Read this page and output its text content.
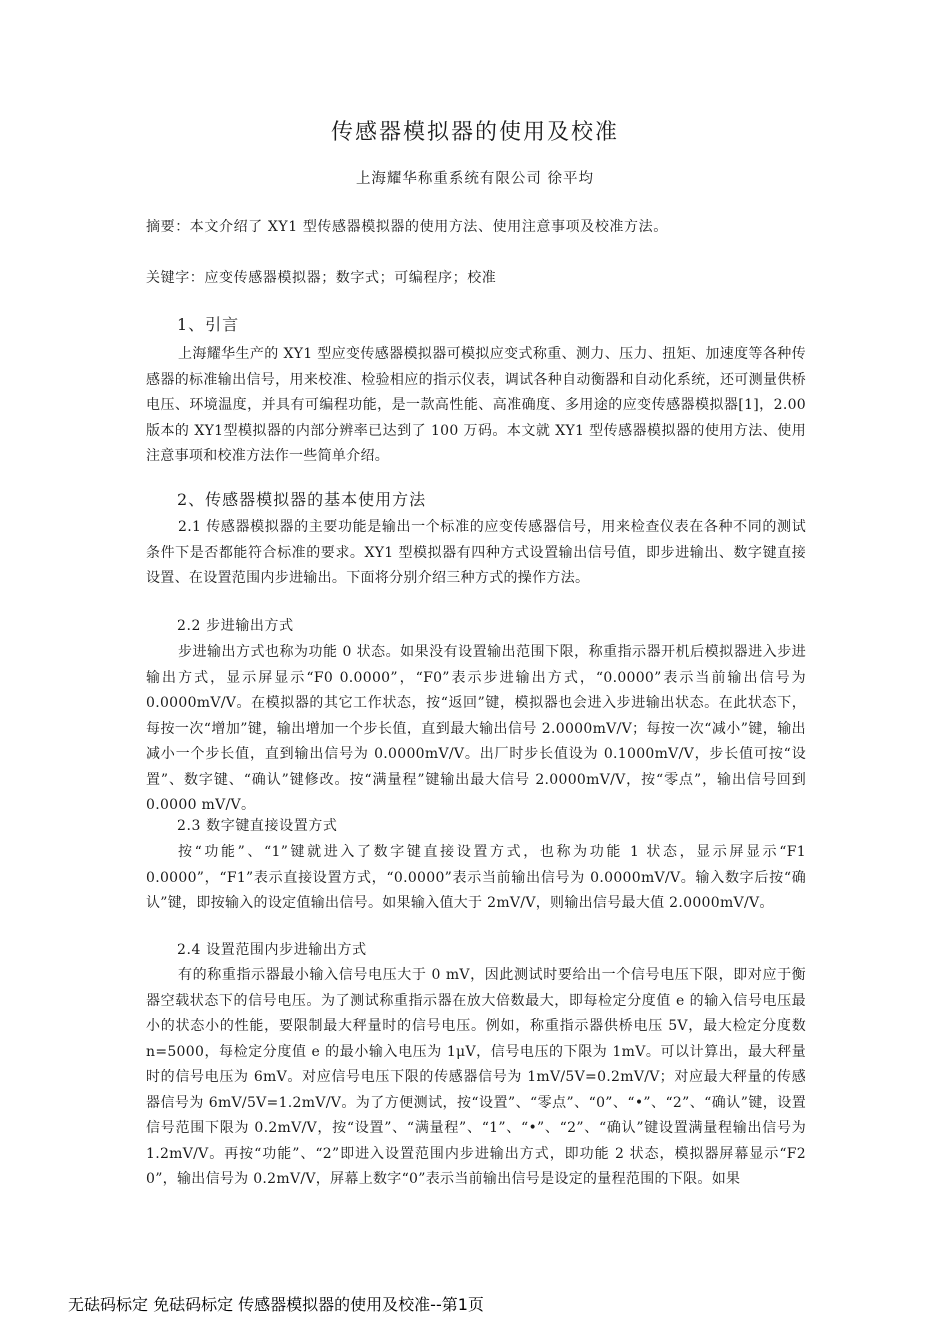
传感器模拟器的使用及校准
上海耀华称重系统有限公司 徐平均
摘要：本文介绍了 XY1 型传感器模拟器的使用方法、使用注意事项及校准方法。
关键字：应变传感器模拟器；数字式；可编程序；校准
1、引言
上海耀华生产的 XY1 型应变传感器模拟器可模拟应变式称重、测力、压力、扭矩、加速度等各种传感器的标准输出信号，用来校准、检验相应的指示仪表，调试各种自动衡器和自动化系统，还可测量供桥电压、环境温度，并具有可编程功能，是一款高性能、高准确度、多用途的应变传感器模拟器[1]，2.00 版本的 XY1型模拟器的内部分辨率已达到了 100 万码。本文就 XY1 型传感器模拟器的使用方法、使用注意事项和校准方法作一些简单介绍。
2、传感器模拟器的基本使用方法
2.1 传感器模拟器的主要功能是输出一个标准的应变传感器信号，用来检查仪表在各种不同的测试条件下是否都能符合标准的要求。XY1 型模拟器有四种方式设置输出信号值，即步进输出、数字键直接设置、在设置范围内步进输出。下面将分别介绍三种方式的操作方法。
2.2 步进输出方式
步进输出方式也称为功能 0 状态。如果没有设置输出范围下限，称重指示器开机后模拟器进入步进输出方式，显示屏显示“F0 0.0000”，“F0”表示步进输出方式，“0.0000”表示当前输出信号为 0.0000mV/V。在模拟器的其它工作状态，按“返回”键，模拟器也会进入步进输出状态。在此状态下，每按一次“增加”键，输出增加一个步长值，直到最大输出信号 2.0000mV/V；每按一次“减小”键，输出减小一个步长值，直到输出信号为 0.0000mV/V。出厂时步长值设为 0.1000mV/V，步长值可按“设置”、数字键、“确认”键修改。按“满量程”键输出最大信号 2.0000mV/V，按“零点”，输出信号回到 0.0000 mV/V。
2.3 数字键直接设置方式
按“功能”、“1”键就进入了数字键直接设置方式，也称为功能 1 状态，显示屏显示“F1 0.0000”，“F1”表示直接设置方式，“0.0000”表示当前输出信号为 0.0000mV/V。输入数字后按“确认”键，即按输入的设定值输出信号。如果输入值大于 2mV/V，则输出信号最大值 2.0000mV/V。
2.4 设置范围内步进输出方式
有的称重指示器最小输入信号电压大于 0 mV，因此测试时要给出一个信号电压下限，即对应于衡器空载状态下的信号电压。为了测试称重指示器在放大倍数最大，即每检定分度值 e 的输入信号电压最小的状态小的性能，要限制最大秤量时的信号电压。例如，称重指示器供桥电压 5V，最大检定分度数 n=5000，每检定分度值 e 的最小输入电压为 1μV，信号电压的下限为 1mV。可以计算出，最大秤量时的信号电压为 6mV。对应信号电压下限的传感器信号为 1mV/5V=0.2mV/V；对应最大秤量的传感器信号为 6mV/5V=1.2mV/V。为了方便测试，按“设置”、“零点”、“0”、“•”、“2”、“确认”键，设置信号范围下限为 0.2mV/V，按“设置”、“满量程”、“1”、“•”、“2”、“确认”键设置满量程输出信号为 1.2mV/V。再按“功能”、“2”即进入设置范围内步进输出方式，即功能 2 状态，模拟器屏幕显示“F2 0”，输出信号为 0.2mV/V，屏幕上数字“0”表示当前输出信号是设定的量程范围的下限。如果
无砝码标定 免砝码标定 传感器模拟器的使用及校准--第1页
